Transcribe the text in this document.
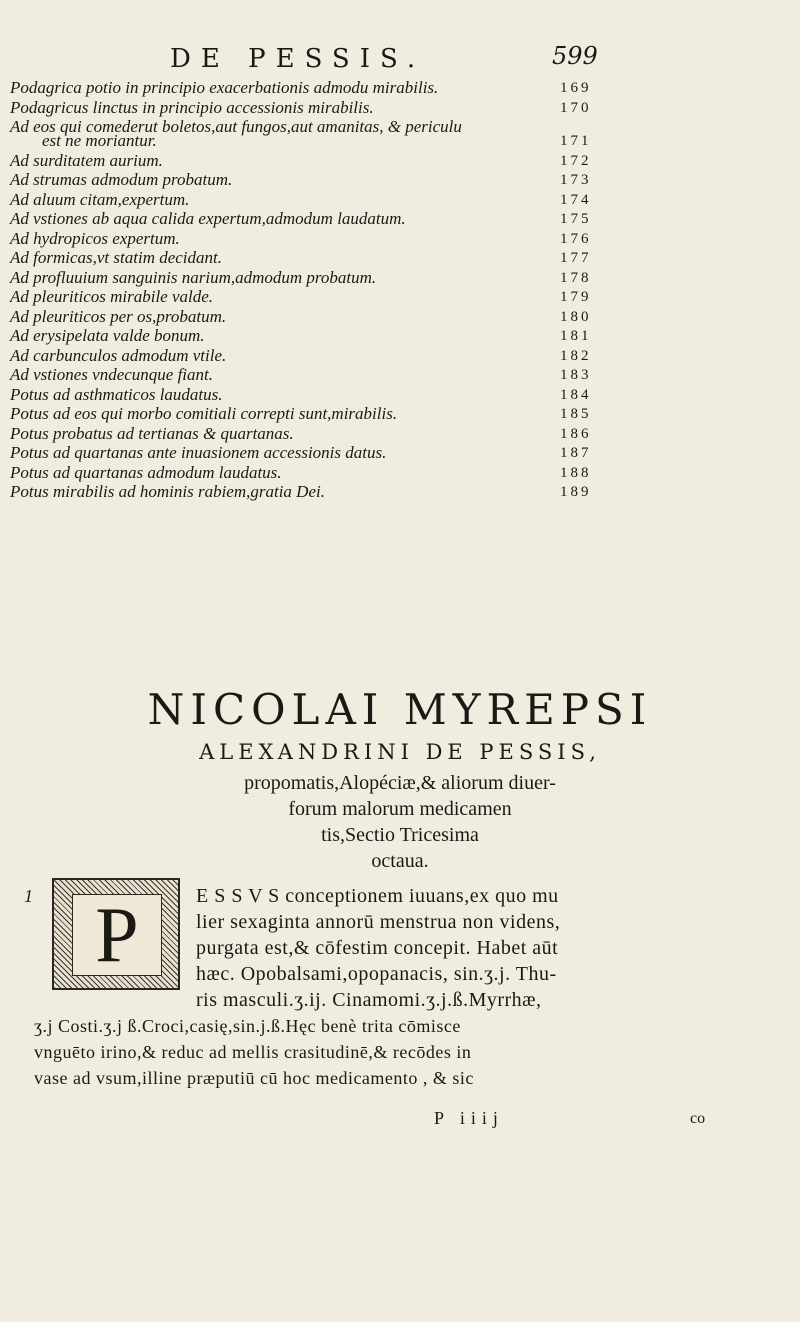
DE PESSIS.	599
Podagrica potio in principio exacerbationis admodu mirabilis.	169
Podagricus linctus in principio accessionis mirabilis.	170
Ad eos qui comederut boletos,aut fungos,aut amanitas, & periculu
est ne moriantur.	171
Ad surditatem aurium.	172
Ad strumas admodum probatum.	173
Ad aluum citam,expertum.	174
Ad vstiones ab aqua calida expertum,admodum laudatum.	175
Ad hydropicos expertum.	176
Ad formicas,vt statim decidant.	177
Ad profluuium sanguinis narium,admodum probatum.	178
Ad pleuriticos mirabile valde.	179
Ad pleuriticos per os,probatum.	180
Ad erysipelata valde bonum.	181
Ad carbunculos admodum vtile.	182
Ad vstiones vndecunque fiant.	183
Potus ad asthmaticos laudatus.	184
Potus ad eos qui morbo comitiali correpti sunt,mirabilis.	185
Potus probatus ad tertianas & quartanas.	186
Potus ad quartanas ante inuasionem accessionis datus.	187
Potus ad quartanas admodum laudatus.	188
Potus mirabilis ad hominis rabiem,gratia Dei.	189
NICOLAI MYREPSI
ALEXANDRINI DE PESSIS,
propomatis,Alopéciæ,& aliorum diuer-
forum malorum medicamen
tis,Sectio Tricesima
octaua.
1 P	E S S V S conceptionem iuuans,ex quo mu
lier sexaginta annorū menstrua non videns,
purgata est,& cōfestim concepit. Habet aūt
hæc. Opobalsami,opopanacis, sin.ʒ.j. Thu-
ris masculi.ʒ.ij. Cinamomi.ʒ.j.ß.Myrrhæ,
ʒ.j Costi.ʒ.j ß.Croci,casię,sin.j.ß.Hęc benè trita cōmisce
vnguēto irino,& reduc ad mellis crasitudinē,& recōdes in
vase ad vsum,illine præputiū cū hoc medicamento , & sic
P iiij	co
